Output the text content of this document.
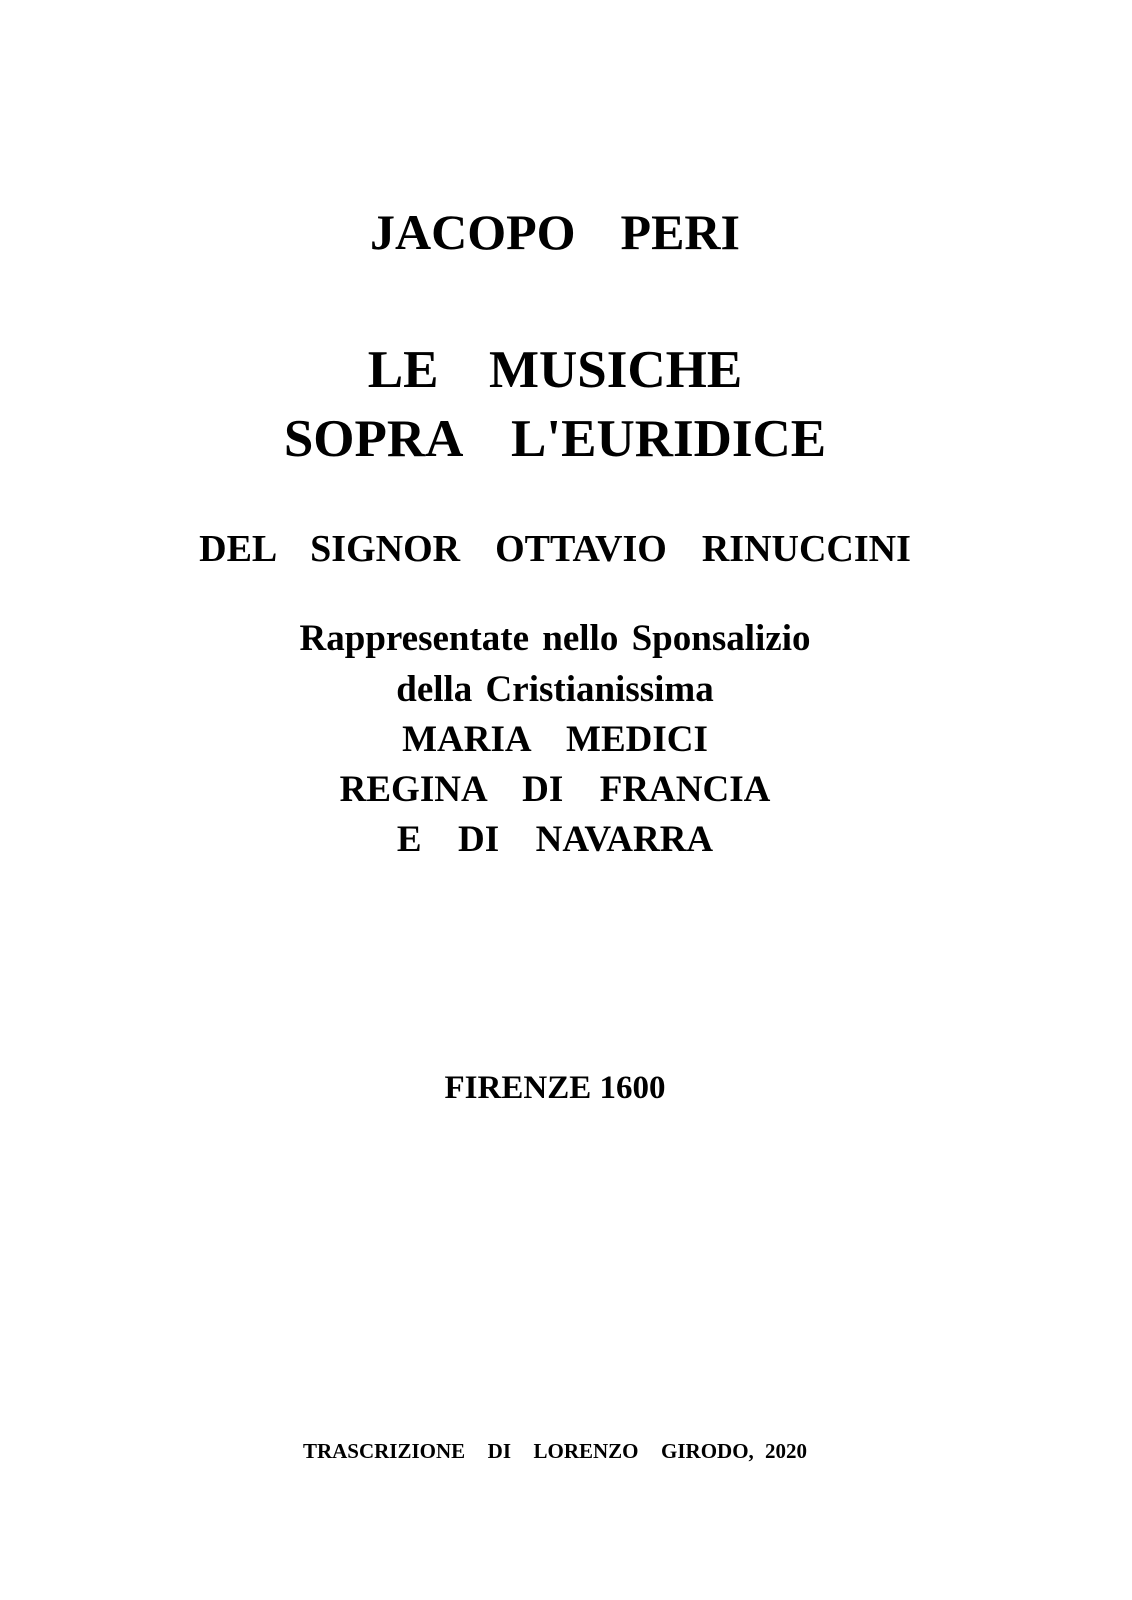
JACOPO  PERI
LE  MUSICHE
SOPRA  L'EURIDICE
DEL  SIGNOR  OTTAVIO  RINUCCINI
Rappresentate nello Sponsalizio
della Cristianissima
MARIA  MEDICI
REGINA  DI  FRANCIA
E  DI  NAVARRA
FIRENZE 1600
TRASCRIZIONE  DI  LORENZO  GIRODO, 2020
